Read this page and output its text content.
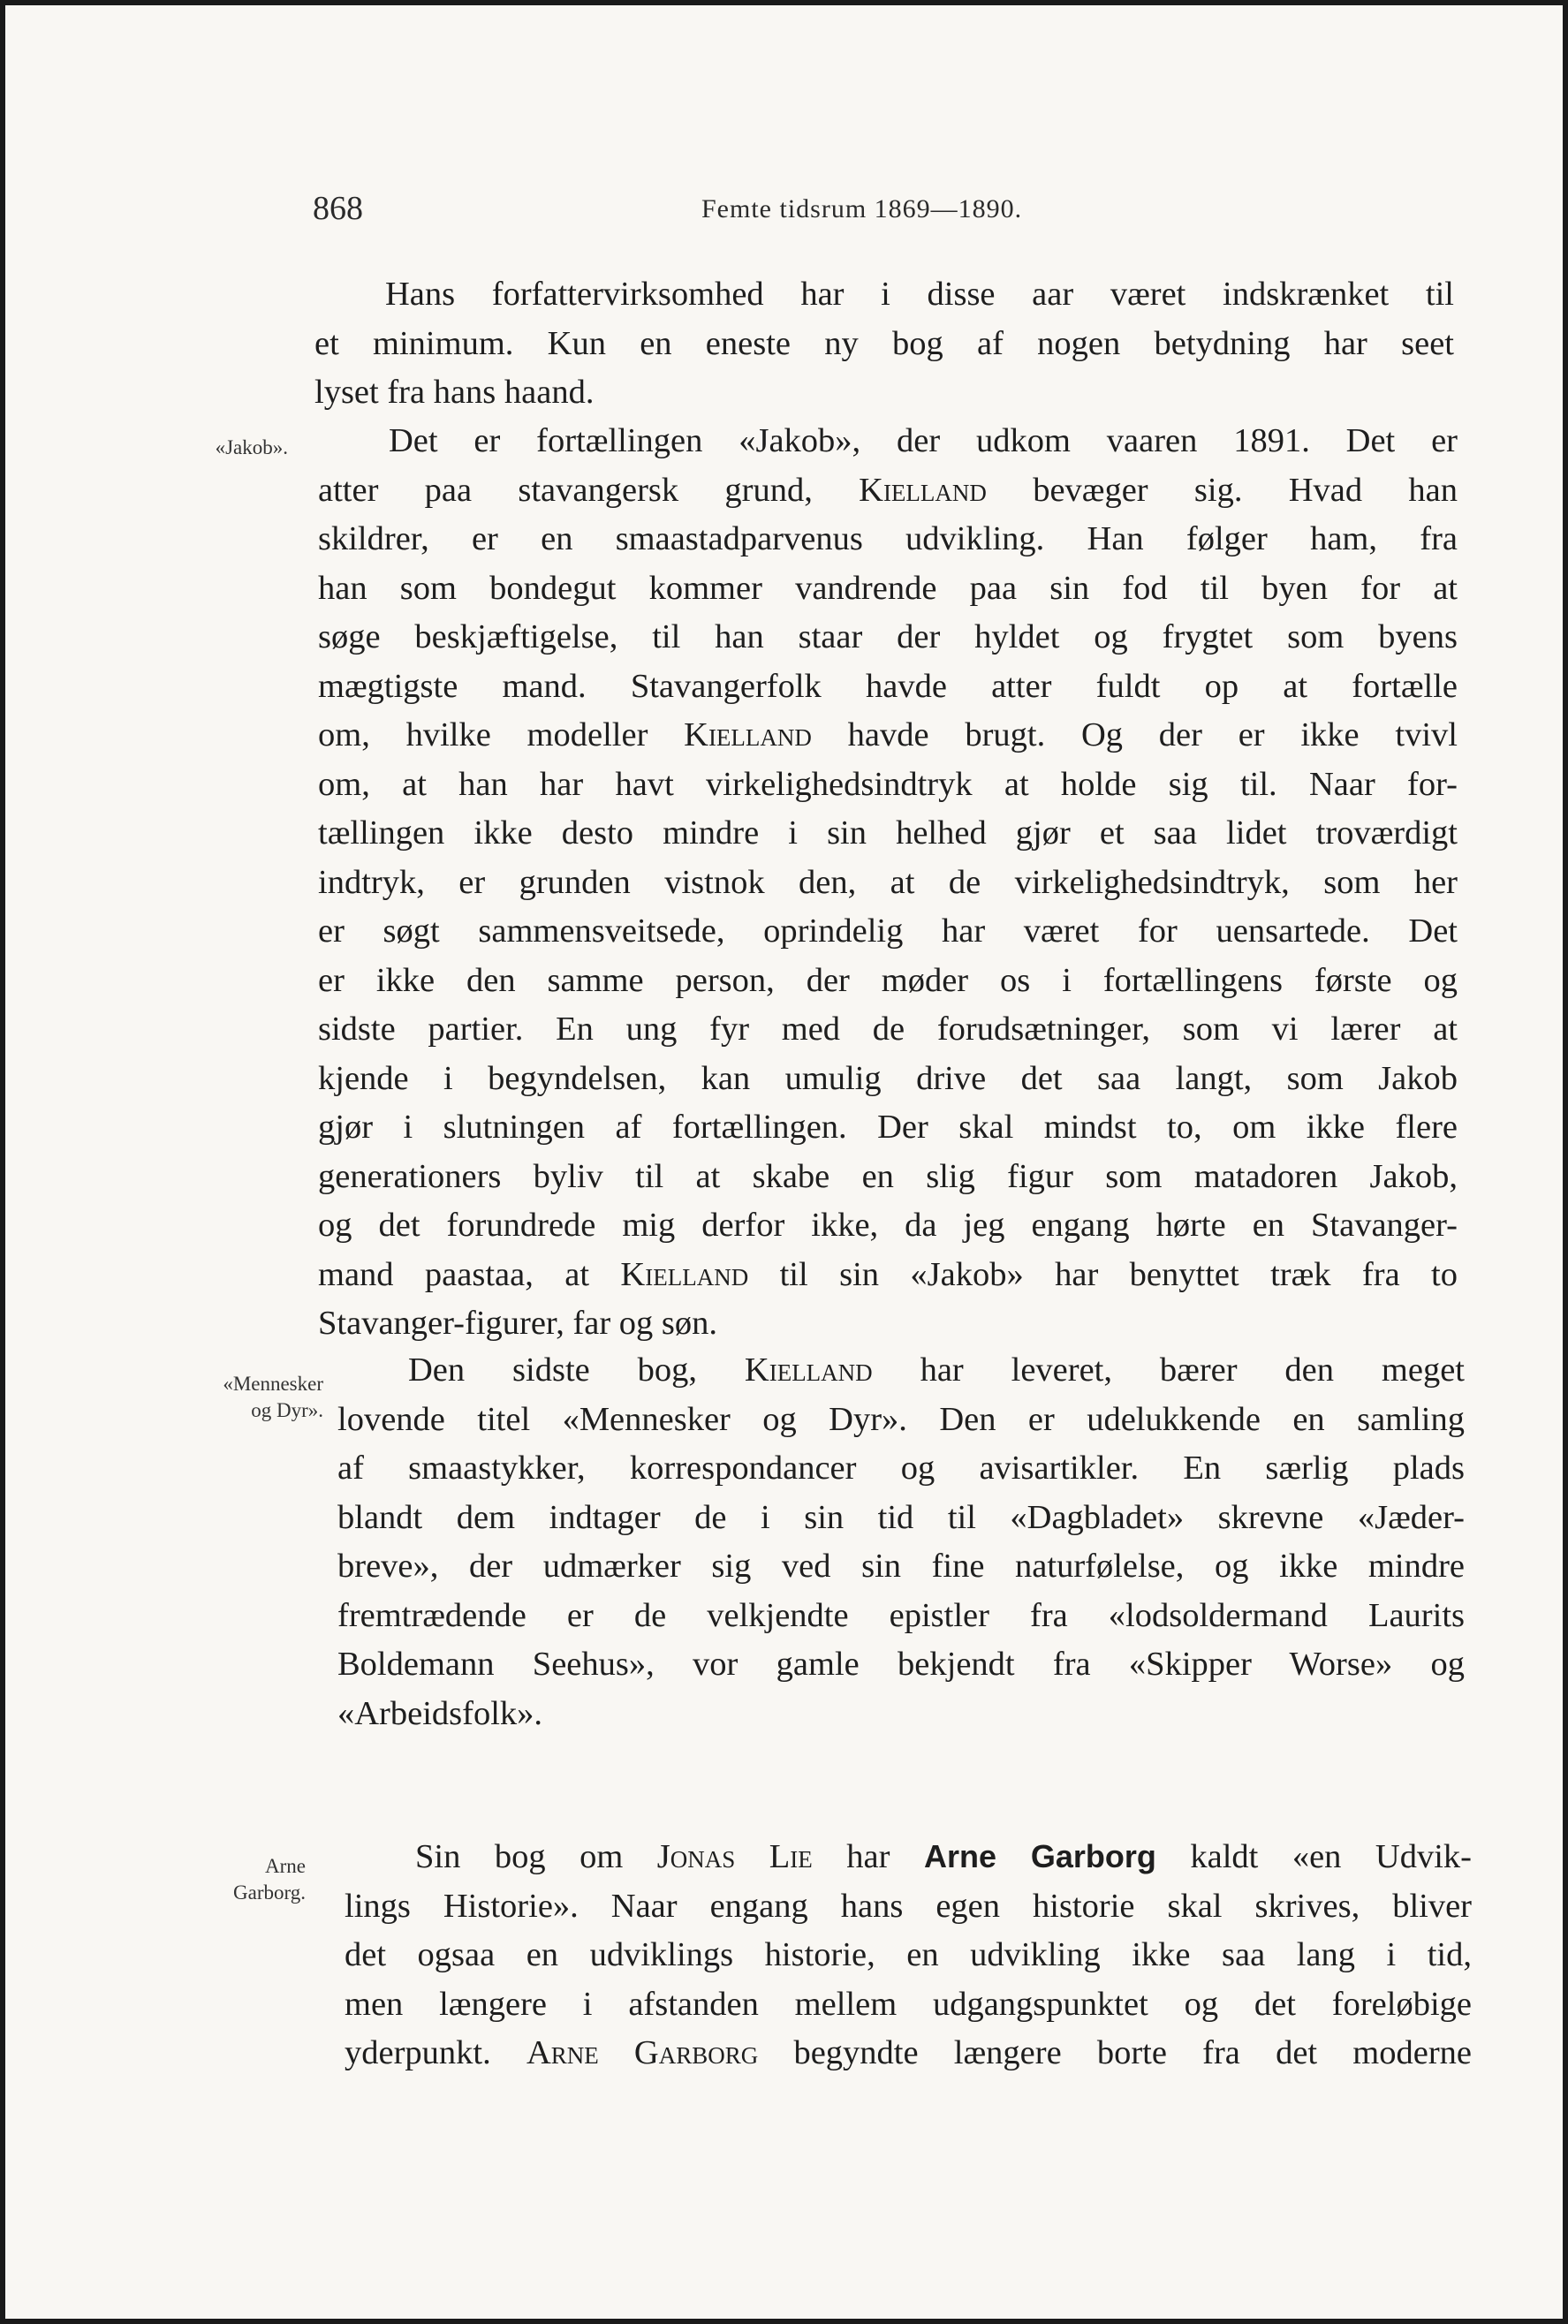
868	Femte tidsrum 1869—1890.
«Jakob».
«Mennesker
og Dyr».
Arne
Garborg.
Hans forfattervirksomhed har i disse aar været indskrænket til
et minimum. Kun en eneste ny bog af nogen betydning har seet
lyset fra hans haand.
Det er fortællingen «Jakob», der udkom vaaren 1891. Det er
atter paa stavangersk grund, Kielland bevæger sig. Hvad han
skildrer, er en smaastadparvenus udvikling. Han følger ham, fra
han som bondegut kommer vandrende paa sin fod til byen for at
søge beskjæftigelse, til han staar der hyldet og frygtet som byens
mægtigste mand. Stavangerfolk havde atter fuldt op at fortælle
om, hvilke modeller Kielland havde brugt. Og der er ikke tvivl
om, at han har havt virkelighedsindtryk at holde sig til. Naar for-
tællingen ikke desto mindre i sin helhed gjør et saa lidet troværdigt
indtryk, er grunden vistnok den, at de virkelighedsindtryk, som her
er søgt sammensveitsede, oprindelig har været for uensartede. Det
er ikke den samme person, der møder os i fortællingens første og
sidste partier. En ung fyr med de forudsætninger, som vi lærer at
kjende i begyndelsen, kan umulig drive det saa langt, som Jakob
gjør i slutningen af fortællingen. Der skal mindst to, om ikke flere
generationers byliv til at skabe en slig figur som matadoren Jakob,
og det forundrede mig derfor ikke, da jeg engang hørte en Stavanger-
mand paastaa, at Kielland til sin «Jakob» har benyttet træk fra to
Stavanger-figurer, far og søn.
Den sidste bog, Kielland har leveret, bærer den meget
lovende titel «Mennesker og Dyr». Den er udelukkende en samling
af smaastykker, korrespondancer og avisartikler. En særlig plads
blandt dem indtager de i sin tid til «Dagbladet» skrevne «Jæder-
breve», der udmærker sig ved sin fine naturfølelse, og ikke mindre
fremtrædende er de velkjendte epistler fra «lodsoldermand Laurits
Boldemann Seehus», vor gamle bekjendt fra «Skipper Worse» og
«Arbeidsfolk».
Sin bog om Jonas Lie har Arne Garborg kaldt «en Udvik-
lings Historie». Naar engang hans egen historie skal skrives, bliver
det ogsaa en udviklings historie, en udvikling ikke saa lang i tid,
men længere i afstanden mellem udgangspunktet og det foreløbige
yderpunkt. Arne Garborg begyndte længere borte fra det moderne
